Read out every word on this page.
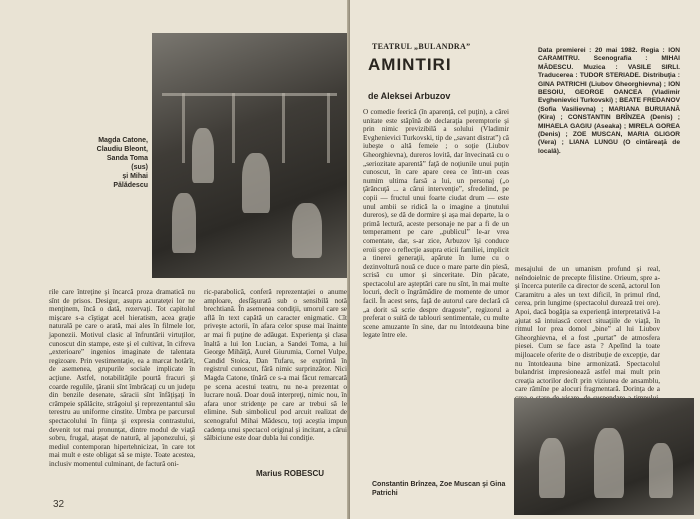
Magda Catone,
Claudiu Bleont,
Sanda Toma
(sus)
și Mihai
Pălădescu

rile care întreţine şi încarcă proza dramatică nu sînt de prisos. Desigur, asupra acurateţei lor ne menţinem, încă o dată, rezervaţi. Tot capitolul mişcare s-a cîştigat acel hieratism, acea graţie naturală pe care o arată, mai ales în filmele lor, japonezii. Motivul clasic al înfruntării virtuţilor, cunoscut din stampe, este şi el cultivat, în cifreva „exterioare” ingenios imaginate de talentata regizoare. Prin vestimentaţie, ea a marcat hotărît, de asemenea, grupurile sociale implicate în acţiune. Astfel, notabilităţile pourtă fracuri şi coarde regulile, ţăranii sînt îmbrăcaţi cu un judeţu din benzile desenate, săracii sînt înfăţişaţi în crâmpeie spălăcite, străgoiul şi reprezentantul său terestru au uniforme cinstite. Umbra pe parcursul spectacolului în fiinţa şi expresia contrastului, devenit tot mai pronunţat, dintre modul de viaţă sobru, frugal, ataşat de natură, al japonezului, şi mediul contemporan hipertehnicizat, în care tot mai mult e este obligat să se mişte. Toate acestea, inclusiv momentul culminant, de factură oni-

ric-parabolică, conferă reprezentaţiei o anume amploare, desfăşurată sub o sensibilă notă brechtiană. În asemenea condiţii, umorul care se află în text capătă un caracter enigmatic. Cît priveşte actorii, în afara celor spuse mai înainte ar mai fi puţine de adăugat. Experienţa şi clasa înaltă a lui Ion Lucian, a Sandei Toma, a lui George Mihăiţă, Aurel Giurumia, Cornel Vulpe, Candid Stoica, Dan Tufaru, se exprimă în registrul cunoscut, fără nimic surprinzător. Nici Magda Catone, tînără ce s-a mai făcut remarcată pe scena acestui teatru, nu ne-a prezentat o lucrare nouă. Doar două interpreţi, nimic nou, în afara unor stridenţe pe care ar trebui să le elimine. Sub simbolicul pod arcuit realizat de scenograful Mihai Mădescu, toţi aceştia impun cadenţa unui spectacol original şi incitant, a cărui sălbiciune este doar dubla lui condiţie.

Marius ROBESCU
32
TEATRUL „BULANDRA”
AMINTIRI
de Aleksei Arbuzov
Data premierei : 20 mai 1982. Regia : ION CARAMITRU. Scenografia : MIHAI MĂDESCU. Muzica : VASILE SIRLI. Traducerea : TUDOR STERIADE. Distribuţia : GINA PATRICHI (Liubov Gheorghievna) ; ION BESOIU, GEORGE OANCEA (Vladimir Evghenievici Turkovski) ; BEATE FREDANOV (Sofia Vasilievna) ; MARIANA BURUIANĂ (Kira) ; CONSTANTIN BRÎNZEA (Denis) ; MIHAELA GAGIU (Aseaka) ; MIRELA GOREA (Denis) ; ZOE MUSCAN, MARIA GLIGOR (Vera) ; LIANA LUNGU (O cîntăreaţă de localâ).

O comedie feerică (în aparenţă, cel puţin), a cărei unitate este stăpînă de declaraţia peremptorie şi prin nimic previzibilă a solului (Vladimir Evghenievici Turkovski, tip de „savant distrat”) că iubeşte o altă femeie ; o soţie (Liubov Gheorghievna), dureros lovită, dar învecinată cu o „seriozitate aparentă” faţă de noţiunile unui puţin cunoscut, în care apare ceea ce într-un ceas numim ultima farsă a lui, un personaj („o ţărăncuţă ... a cărui intervenţie”, sfredelind, pe copii — fructul unui foarte ciudat drum — este unul ambii se ridică la o imagine a ţinutului dureros), se dă de dormire și așa mai departe, la o primă lectură, aceste personaje ne par a fi de un temperament pe care „publicul” le-ar vrea comentate, dar, s-ar zice, Arbuzov îşi conduce eroii spre o reflecţie asupra eticii familiei, implicit a tinerei generaţii, apărute în lume cu o dezinvoltură nouă ce duce o mare parte din piesă, scrisă cu umor și sinceritate. Din păcate, spectacolul are aşteptări care nu sînt, în mai multe locuri, decît o îngrămădire de momente de umor facil. În acest sens, faţă de autorul care declară că „a dorit să scrie despre dragoste”, regizorul a preferat o suită de tablouri sentimentale, cu multe scene amuzante în sine, dar nu întotdeauna bine legate între ele.

mesajului de un umanism profund şi real, neîndoielnic de precepte filistine. Orieum, spre a-şi încerca puterile ca director de scenă, actorul Ion Caramitru a ales un text dificil, în primul rînd, cerea, prin lungime (spectacolul durează trei ore). Apoi, dacă bogăţia sa experienţă interpretativă l-a ajutat să intuiască corect situaţiile de viaţă, în ritmul lor prea domol „bine” al lui Liubov Gheorghievna, el a fost „purtat” de atmosfera piesei. Cum se face asta ? Apelînd la toate mijloacele oferite de o distribuţie de excepţie, dar nu întotdeauna bine armonizată. Spectacolul bulandrist impresionează astfel mai mult prin creaţia actorilor decît prin viziunea de ansamblu, care rămîne pe alocuri fragmentară. Dorinţa de a

Constantin Brînzea, Zoe Muscan şi Gina Patrichi
